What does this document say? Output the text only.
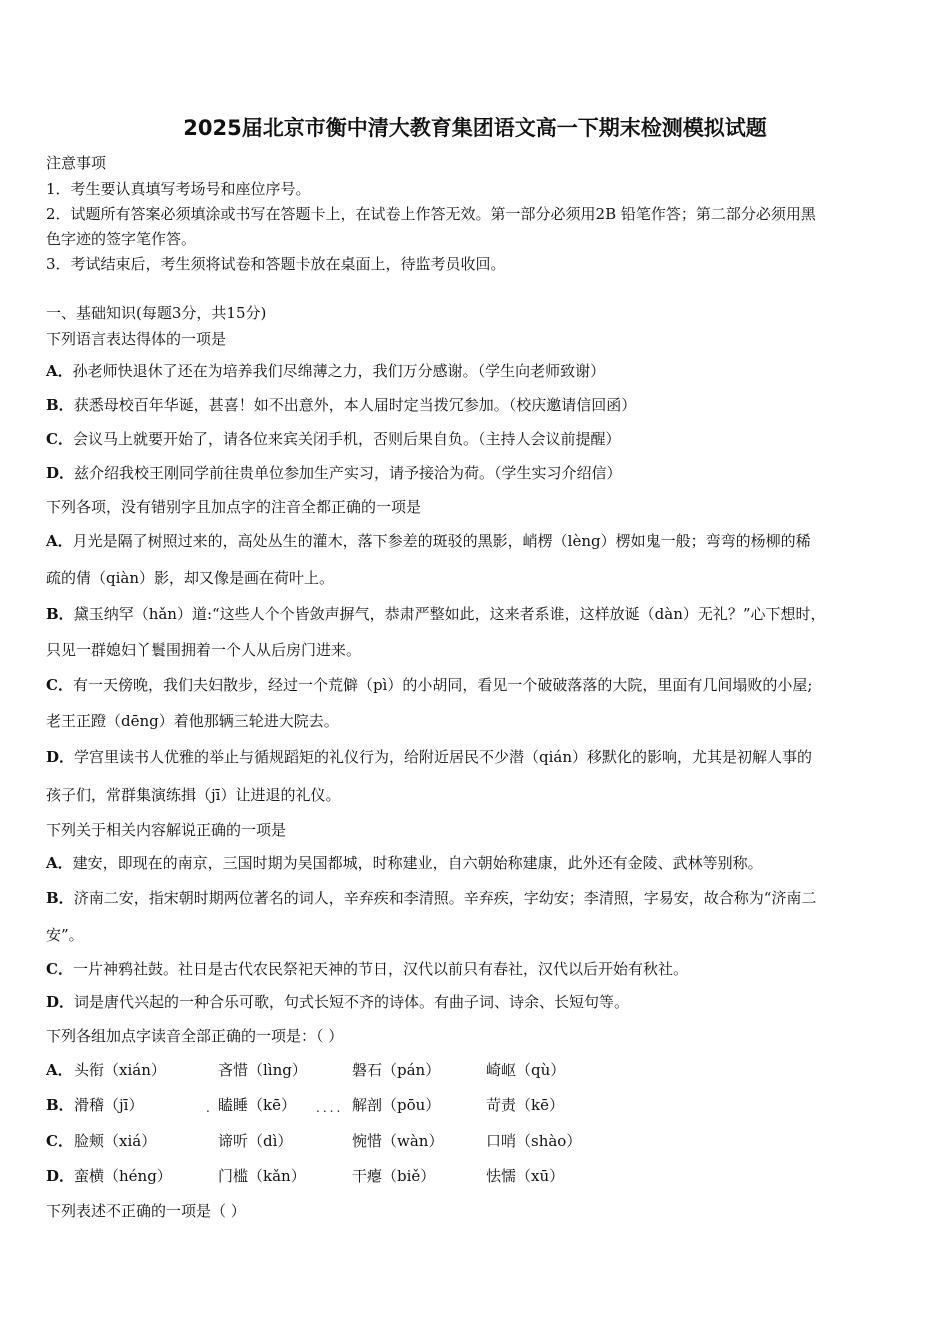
2025届北京市衡中清大教育集团语文高一下期末检测模拟试题
注意事项
1．考生要认真填写考场号和座位序号。
2．试题所有答案必须填涂或书写在答题卡上，在试卷上作答无效。第一部分必须用2B 铅笔作答；第二部分必须用黑
色字迹的签字笔作答。
3．考试结束后，考生须将试卷和答题卡放在桌面上，待监考员收回。
一、基础知识(每题3分，共15分)
下列语言表达得体的一项是
A．孙老师快退休了还在为培养我们尽绵薄之力，我们万分感谢。（学生向老师致谢）
B．获悉母校百年华诞，甚喜！如不出意外，本人届时定当拨冗参加。（校庆邀请信回函）
C．会议马上就要开始了，请各位来宾关闭手机，否则后果自负。（主持人会议前提醒）
D．兹介绍我校王刚同学前往贵单位参加生产实习，请予接洽为荷。（学生实习介绍信）
下列各项，没有错别字且加点字的注音全都正确的一项是
A．月光是隔了树照过来的，高处丛生的灌木，落下参差的斑驳的黑影，峭楞（lèng）楞如鬼一般；弯弯的杨柳的稀
疏的倩（qiàn）影，却又像是画在荷叶上。
B．黛玉纳罕（hǎn）道:“这些人个个皆敛声摒气，恭肃严整如此，这来者系谁，这样放诞（dàn）无礼？”心下想时，
只见一群媳妇丫鬟围拥着一个人从后房门进来。
C．有一天傍晚，我们夫妇散步，经过一个荒僻（pì）的小胡同，看见一个破破落落的大院，里面有几间塌败的小屋;
老王正蹬（dēng）着他那辆三轮进大院去。
D．学宫里读书人优雅的举止与循规蹈矩的礼仪行为，给附近居民不少潜（qián）移默化的影响，尤其是初解人事的
孩子们，常群集演练揖（jī）让进退的礼仪。
下列关于相关内容解说正确的一项是
A．建安，即现在的南京，三国时期为吴国都城，时称建业，自六朝始称建康，此外还有金陵、武林等别称。
B．济南二安，指宋朝时期两位著名的词人，辛弃疾和李清照。辛弃疾，字幼安；李清照，字易安，故合称为“济南二
安”。
C．一片神鸦社鼓。社日是古代农民祭祀天神的节日，汉代以前只有春社，汉代以后开始有秋社。
D．词是唐代兴起的一种合乐可歌，句式长短不齐的诗体。有曲子词、诗余、长短句等。
下列各组加点字读音全部正确的一项是：（ ）
A． 头衔（xián）	吝惜（lìng）	磐石（pán）	崎岖（qù）
B． 滑稽（jī）	. 瞌睡（kē） .... 解剖（pōu）	苛责（kē）
C． 脸颊（xiá）	谛听（dì）	惋惜（wàn）	口哨（shào）
D． 蛮横（héng）	门槛（kǎn）	干瘪（biě）	怯懦（xū）
下列表述不正确的一项是（ ）
